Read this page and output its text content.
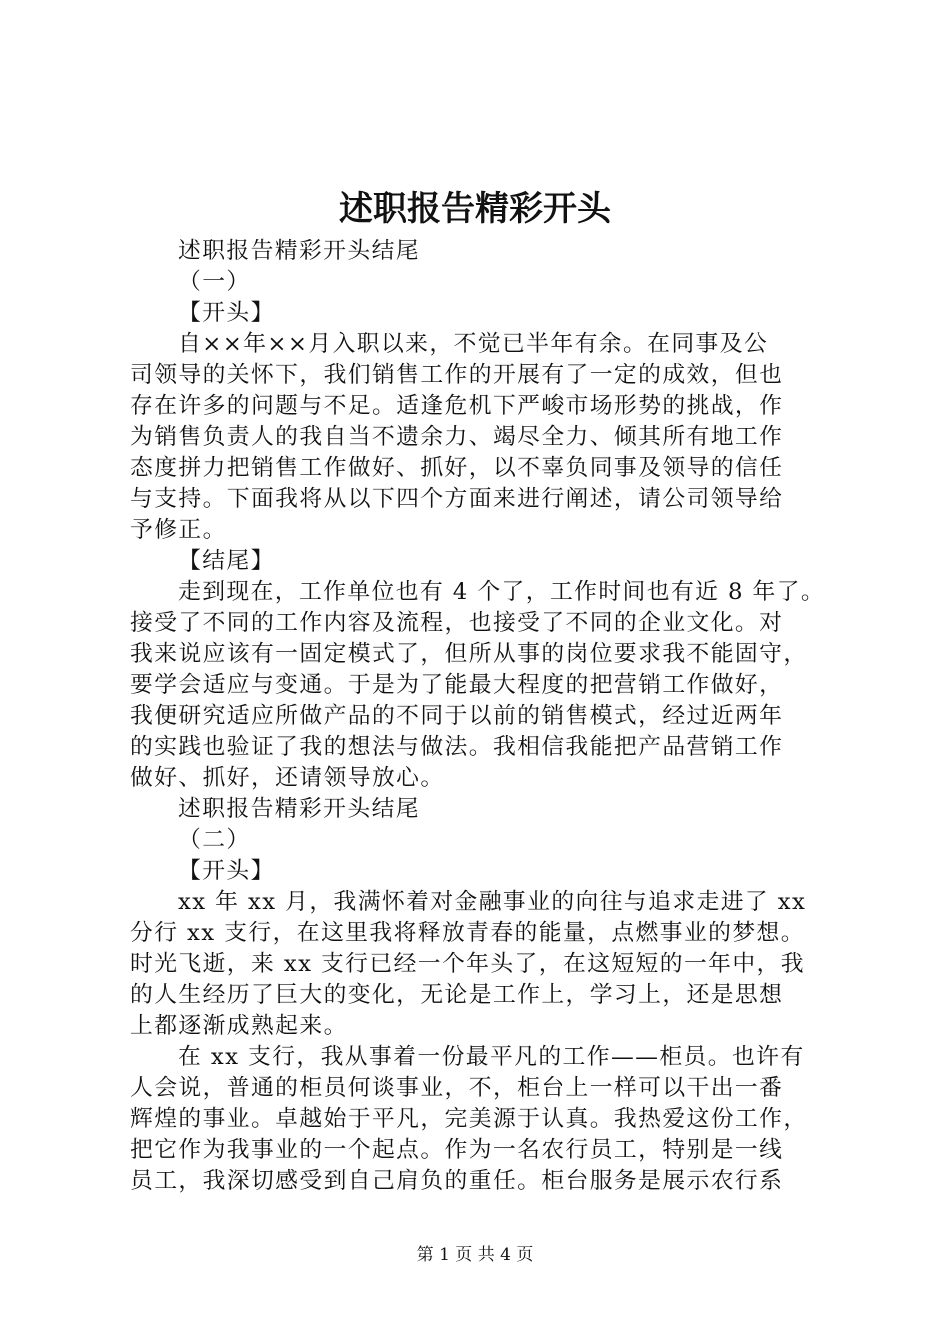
述职报告精彩开头
述职报告精彩开头结尾
（一）
【开头】
自××年××月入职以来，不觉已半年有余。在同事及公
司领导的关怀下，我们销售工作的开展有了一定的成效，但也
存在许多的问题与不足。适逢危机下严峻市场形势的挑战，作
为销售负责人的我自当不遗余力、竭尽全力、倾其所有地工作
态度拼力把销售工作做好、抓好，以不辜负同事及领导的信任
与支持。下面我将从以下四个方面来进行阐述，请公司领导给
予修正。
【结尾】
走到现在，工作单位也有 4 个了，工作时间也有近 8 年了。
接受了不同的工作内容及流程，也接受了不同的企业文化。对
我来说应该有一固定模式了，但所从事的岗位要求我不能固守，
要学会适应与变通。于是为了能最大程度的把营销工作做好，
我便研究适应所做产品的不同于以前的销售模式，经过近两年
的实践也验证了我的想法与做法。我相信我能把产品营销工作
做好、抓好，还请领导放心。
述职报告精彩开头结尾
（二）
【开头】
xx 年 xx 月，我满怀着对金融事业的向往与追求走进了 xx
分行 xx 支行，在这里我将释放青春的能量，点燃事业的梦想。
时光飞逝，来 xx 支行已经一个年头了，在这短短的一年中，我
的人生经历了巨大的变化，无论是工作上，学习上，还是思想
上都逐渐成熟起来。
在 xx 支行，我从事着一份最平凡的工作——柜员。也许有
人会说，普通的柜员何谈事业，不，柜台上一样可以干出一番
辉煌的事业。卓越始于平凡，完美源于认真。我热爱这份工作，
把它作为我事业的一个起点。作为一名农行员工，特别是一线
员工，我深切感受到自己肩负的重任。柜台服务是展示农行系
第 1 页 共 4 页
